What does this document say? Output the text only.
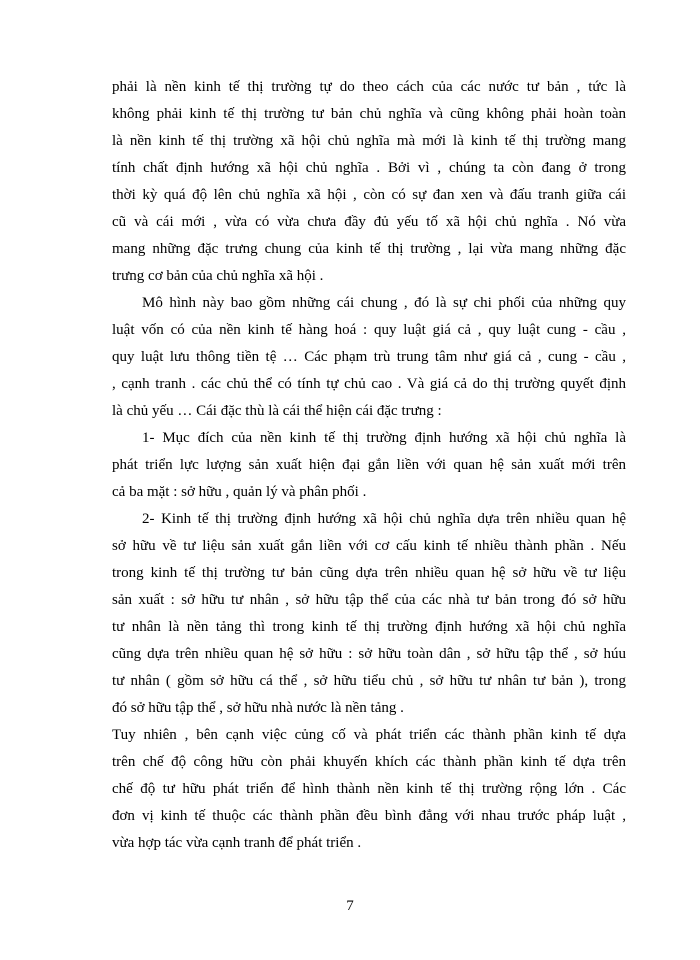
phải là nền kinh tế thị trường tự do theo cách của các nước tư bản , tức là
không phải kinh tế thị trường tư bản chủ nghĩa và cũng không phải hoàn toàn
là nền kinh tế thị trường xã hội chủ nghĩa mà mới là kinh tế thị trường mang
tính chất định hướng xã hội chủ nghĩa . Bởi vì , chúng ta còn đang ở trong
thời kỳ quá độ lên chủ nghĩa xã hội , còn có sự đan xen và đấu tranh giữa cái
cũ và cái mới , vừa có vừa chưa đầy đủ yếu tố xã hội chủ nghĩa . Nó vừa
mang những đặc trưng chung của kinh tế thị trường , lại vừa mang những đặc
trưng cơ bản của chủ nghĩa xã hội .
Mô hình này bao gồm những cái chung , đó là sự chi phối của những quy
luật vốn có của nền kinh tế hàng hoá : quy luật giá cả , quy luật cung - cầu ,
quy luật lưu thông tiền tệ … Các phạm trù trung tâm như giá cả , cung - cầu ,
, cạnh tranh . các chủ thể có tính tự chủ cao . Và giá cả do thị trường quyết định
là chủ yếu … Cái đặc thù là cái thể hiện cái đặc trưng :
1- Mục đích của nền kinh tế thị trường định hướng xã hội chủ nghĩa là
phát triển lực lượng sản xuất hiện đại gắn liền với quan hệ sản xuất mới trên
cả ba mặt : sở hữu , quản lý và phân phối .
2- Kinh tế thị trường định hướng xã hội chủ nghĩa dựa trên nhiều quan hệ
sở hữu về tư liệu sản xuất gắn liền với cơ cấu kinh tế nhiều thành phần . Nếu
trong kinh tế thị trường tư bản cũng dựa trên nhiều quan hệ sở hữu về tư liệu
sản xuất : sở hữu tư nhân , sở hữu tập thể của các nhà tư bản trong đó sở hữu
tư nhân là nền tảng thì trong kinh tế thị trường định hướng xã hội chủ nghĩa
cũng dựa trên nhiều quan hệ sở hữu : sở hữu toàn dân , sở hữu tập thể , sở húu
tư nhân ( gồm sở hữu cá thể , sở hữu tiểu chủ , sở hữu tư nhân tư bản ), trong
đó sở hữu tập thể , sở hữu nhà nước là nền tảng .
Tuy nhiên , bên cạnh việc củng cố và phát triển các thành phần kinh tế dựa
trên chế độ công hữu còn phải khuyến khích các thành phần kinh tế dựa trên
chế độ tư hữu phát triển để hình thành nền kinh tế thị trường rộng lớn . Các
đơn vị kinh tế thuộc các thành phần đều bình đẳng với nhau trước pháp luật ,
vừa hợp tác vừa cạnh tranh để phát triển .
7
